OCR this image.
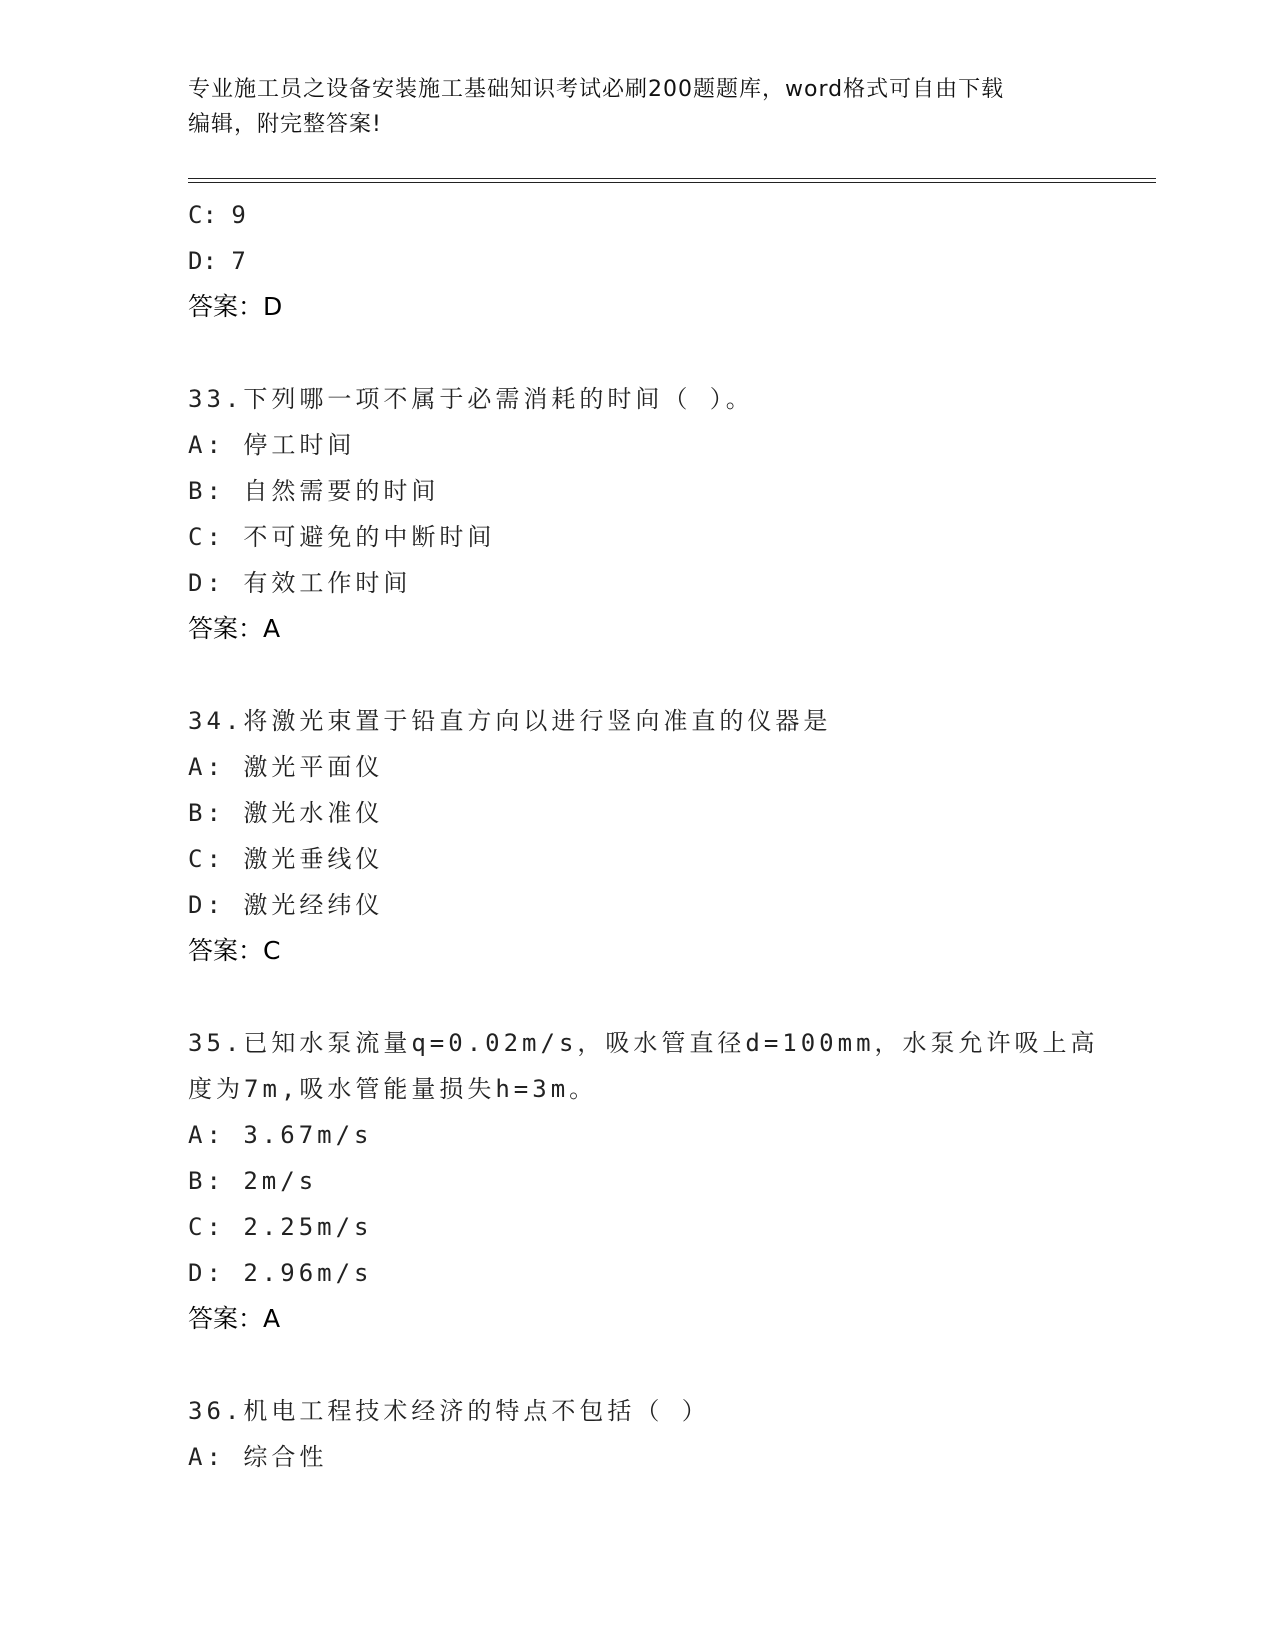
专业施工员之设备安装施工基础知识考试必刷200题题库，word格式可自由下载
编辑，附完整答案!
C: 9
D: 7
答案：D
33.下列哪一项不属于必需消耗的时间（ ）。
A: 停工时间
B: 自然需要的时间
C: 不可避免的中断时间
D: 有效工作时间
答案：A
34.将激光束置于铅直方向以进行竖向准直的仪器是
A: 激光平面仪
B: 激光水准仪
C: 激光垂线仪
D: 激光经纬仪
答案：C
35.已知水泵流量q=0.02m/s，吸水管直径d=100mm，水泵允许吸上高
度为7m,吸水管能量损失h=3m。
A: 3.67m/s
B: 2m/s
C: 2.25m/s
D: 2.96m/s
答案：A
36.机电工程技术经济的特点不包括（ ）
A: 综合性
